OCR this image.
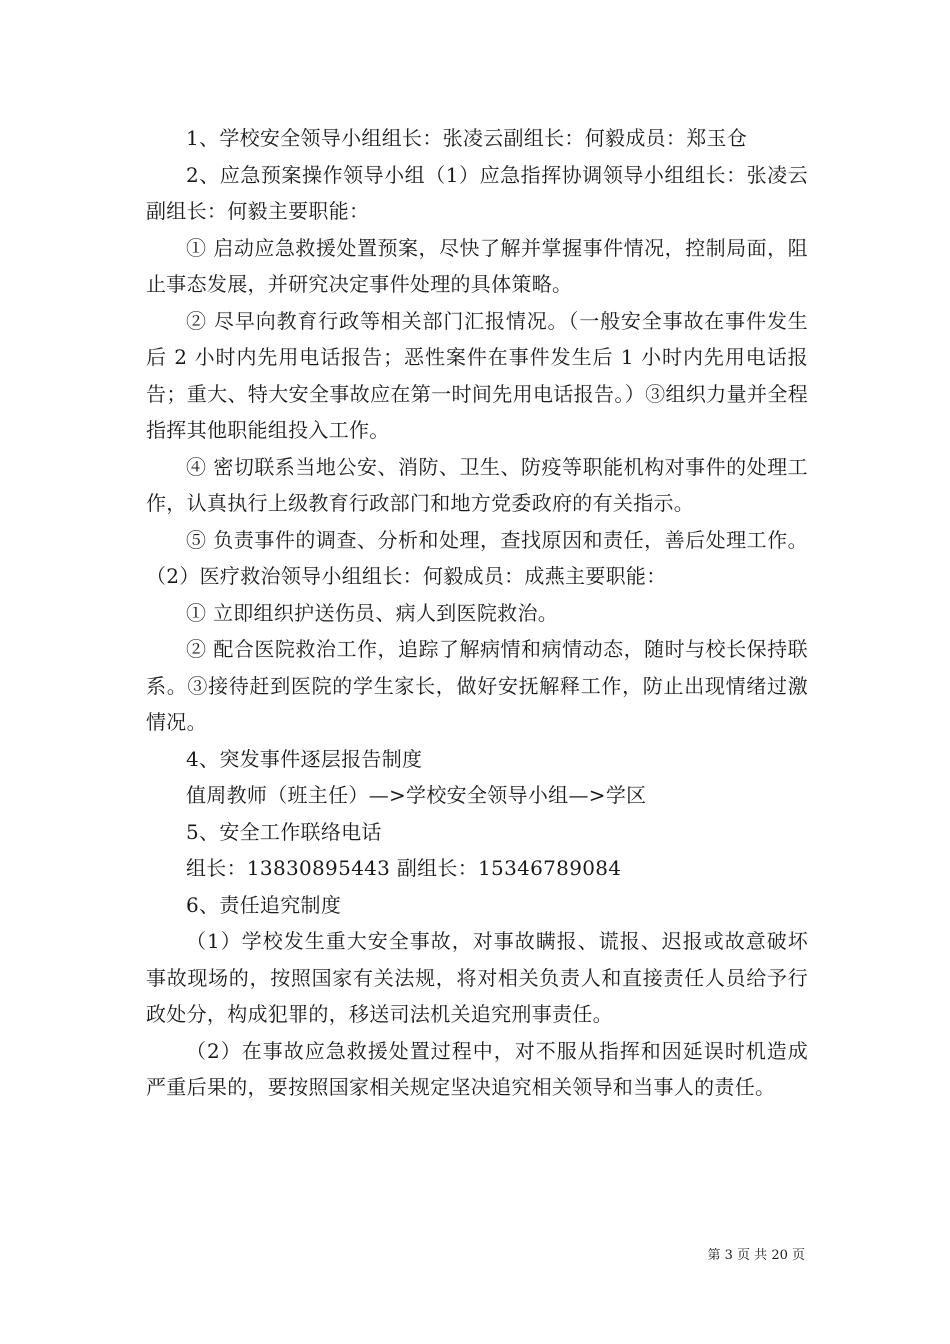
1、学校安全领导小组组长：张凌云副组长：何毅成员：郑玉仓

2、应急预案操作领导小组（1）应急指挥协调领导小组组长：张凌云副组长：何毅主要职能：

① 启动应急救援处置预案，尽快了解并掌握事件情况，控制局面，阻止事态发展，并研究决定事件处理的具体策略。

② 尽早向教育行政等相关部门汇报情况。（一般安全事故在事件发生后 2 小时内先用电话报告；恶性案件在事件发生后 1 小时内先用电话报告；重大、特大安全事故应在第一时间先用电话报告。）③组织力量并全程指挥其他职能组投入工作。

④ 密切联系当地公安、消防、卫生、防疫等职能机构对事件的处理工作，认真执行上级教育行政部门和地方党委政府的有关指示。

⑤ 负责事件的调查、分析和处理，查找原因和责任，善后处理工作。（2）医疗救治领导小组组长：何毅成员：成燕主要职能：

① 立即组织护送伤员、病人到医院救治。

② 配合医院救治工作，追踪了解病情和病情动态，随时与校长保持联系。③接待赶到医院的学生家长，做好安抚解释工作，防止出现情绪过激情况。

4、突发事件逐层报告制度

值周教师（班主任）—>学校安全领导小组—>学区

5、安全工作联络电话

组长：13830895443 副组长：15346789084

6、责任追究制度

（1）学校发生重大安全事故，对事故瞒报、谎报、迟报或故意破坏事故现场的，按照国家有关法规，将对相关负责人和直接责任人员给予行政处分，构成犯罪的，移送司法机关追究刑事责任。

（2）在事故应急救援处置过程中，对不服从指挥和因延误时机造成严重后果的，要按照国家相关规定坚决追究相关领导和当事人的责任。

第 3 页 共 20 页
